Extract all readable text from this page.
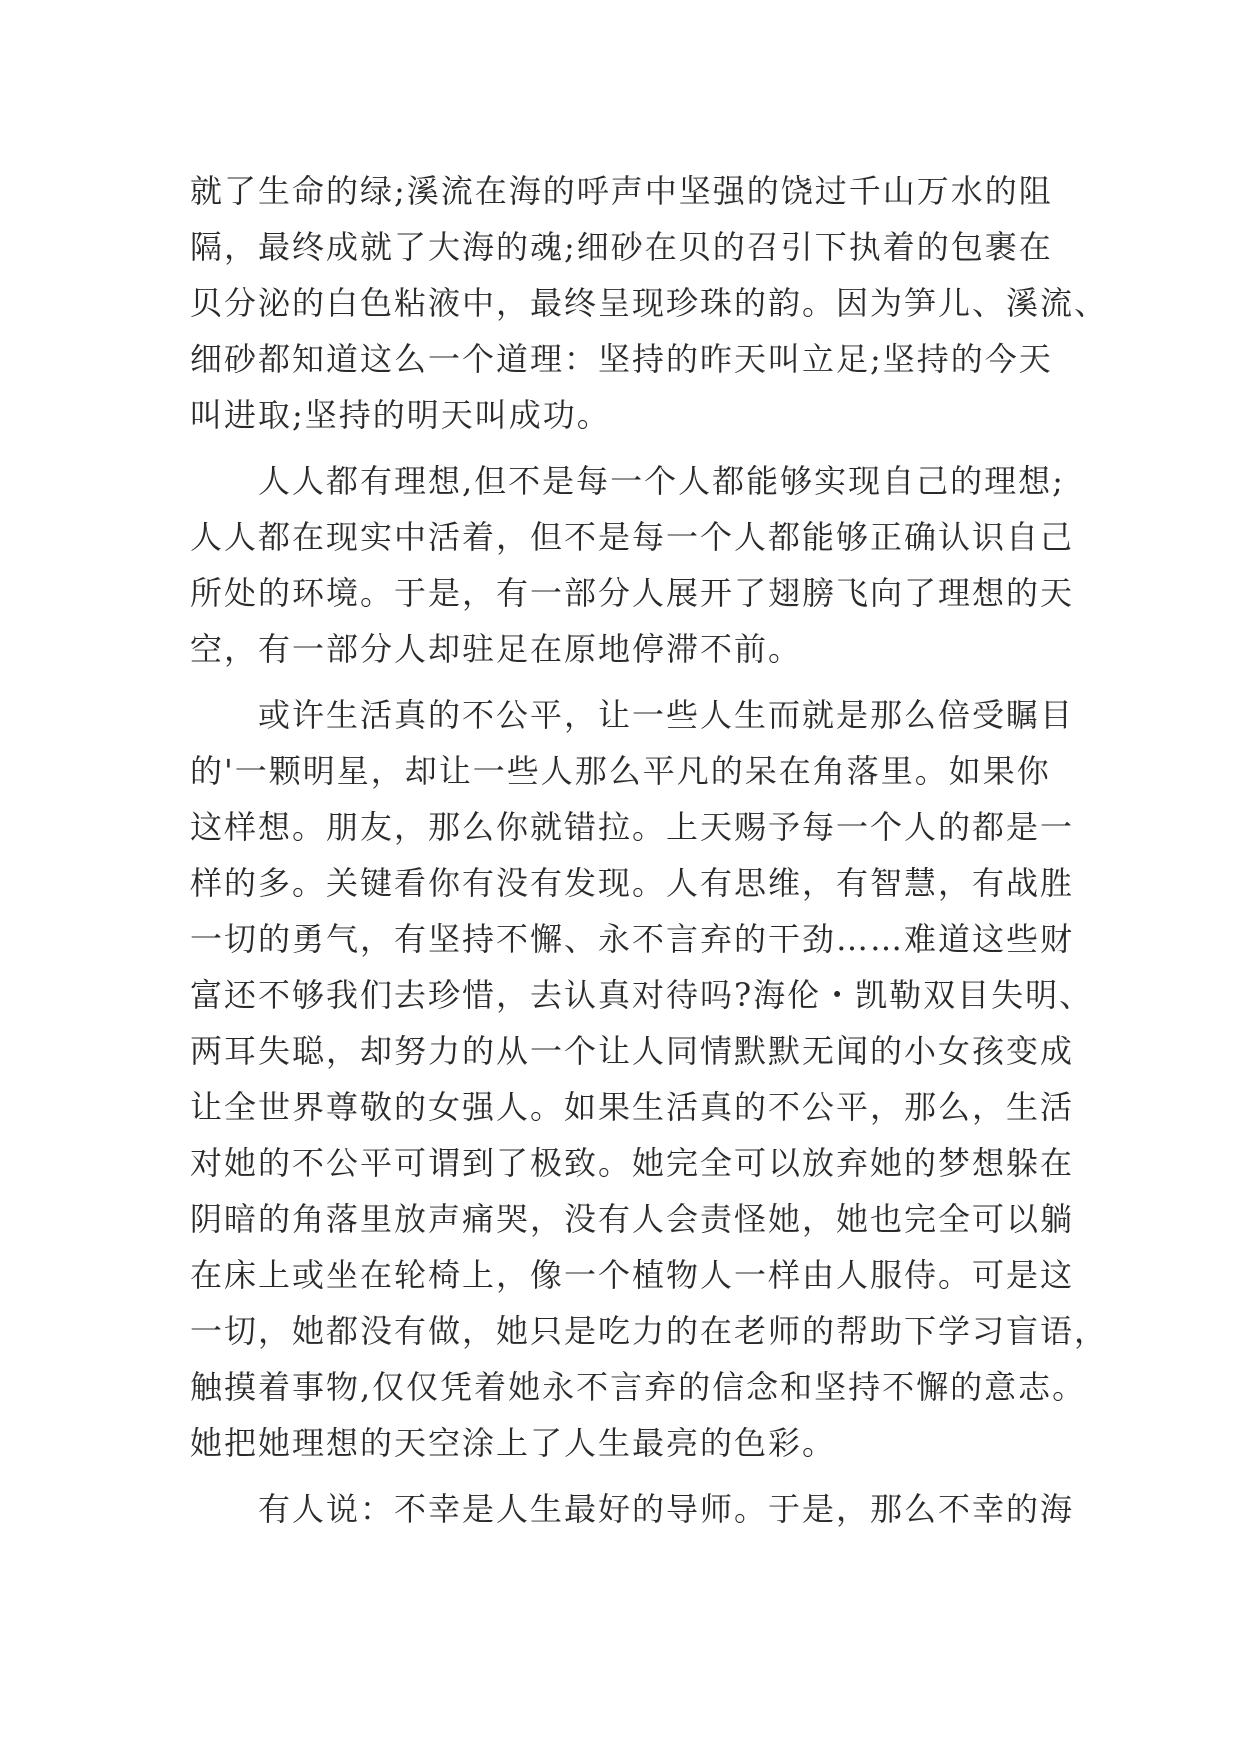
就了生命的绿;溪流在海的呼声中坚强的饶过千山万水的阻
隔，最终成就了大海的魂;细砂在贝的召引下执着的包裹在
贝分泌的白色粘液中，最终呈现珍珠的韵。因为笋儿、溪流、
细砂都知道这么一个道理：坚持的昨天叫立足;坚持的今天
叫进取;坚持的明天叫成功。
　　人人都有理想,但不是每一个人都能够实现自己的理想;
人人都在现实中活着，但不是每一个人都能够正确认识自己
所处的环境。于是，有一部分人展开了翅膀飞向了理想的天
空，有一部分人却驻足在原地停滞不前。
　　或许生活真的不公平，让一些人生而就是那么倍受瞩目
的'一颗明星，却让一些人那么平凡的呆在角落里。如果你
这样想。朋友，那么你就错拉。上天赐予每一个人的都是一
样的多。关键看你有没有发现。人有思维，有智慧，有战胜
一切的勇气，有坚持不懈、永不言弃的干劲……难道这些财
富还不够我们去珍惜，去认真对待吗?海伦・凯勒双目失明、
两耳失聪，却努力的从一个让人同情默默无闻的小女孩变成
让全世界尊敬的女强人。如果生活真的不公平，那么，生活
对她的不公平可谓到了极致。她完全可以放弃她的梦想躲在
阴暗的角落里放声痛哭，没有人会责怪她，她也完全可以躺
在床上或坐在轮椅上，像一个植物人一样由人服侍。可是这
一切，她都没有做，她只是吃力的在老师的帮助下学习盲语，
触摸着事物,仅仅凭着她永不言弃的信念和坚持不懈的意志。
她把她理想的天空涂上了人生最亮的色彩。
　　有人说：不幸是人生最好的导师。于是，那么不幸的海
